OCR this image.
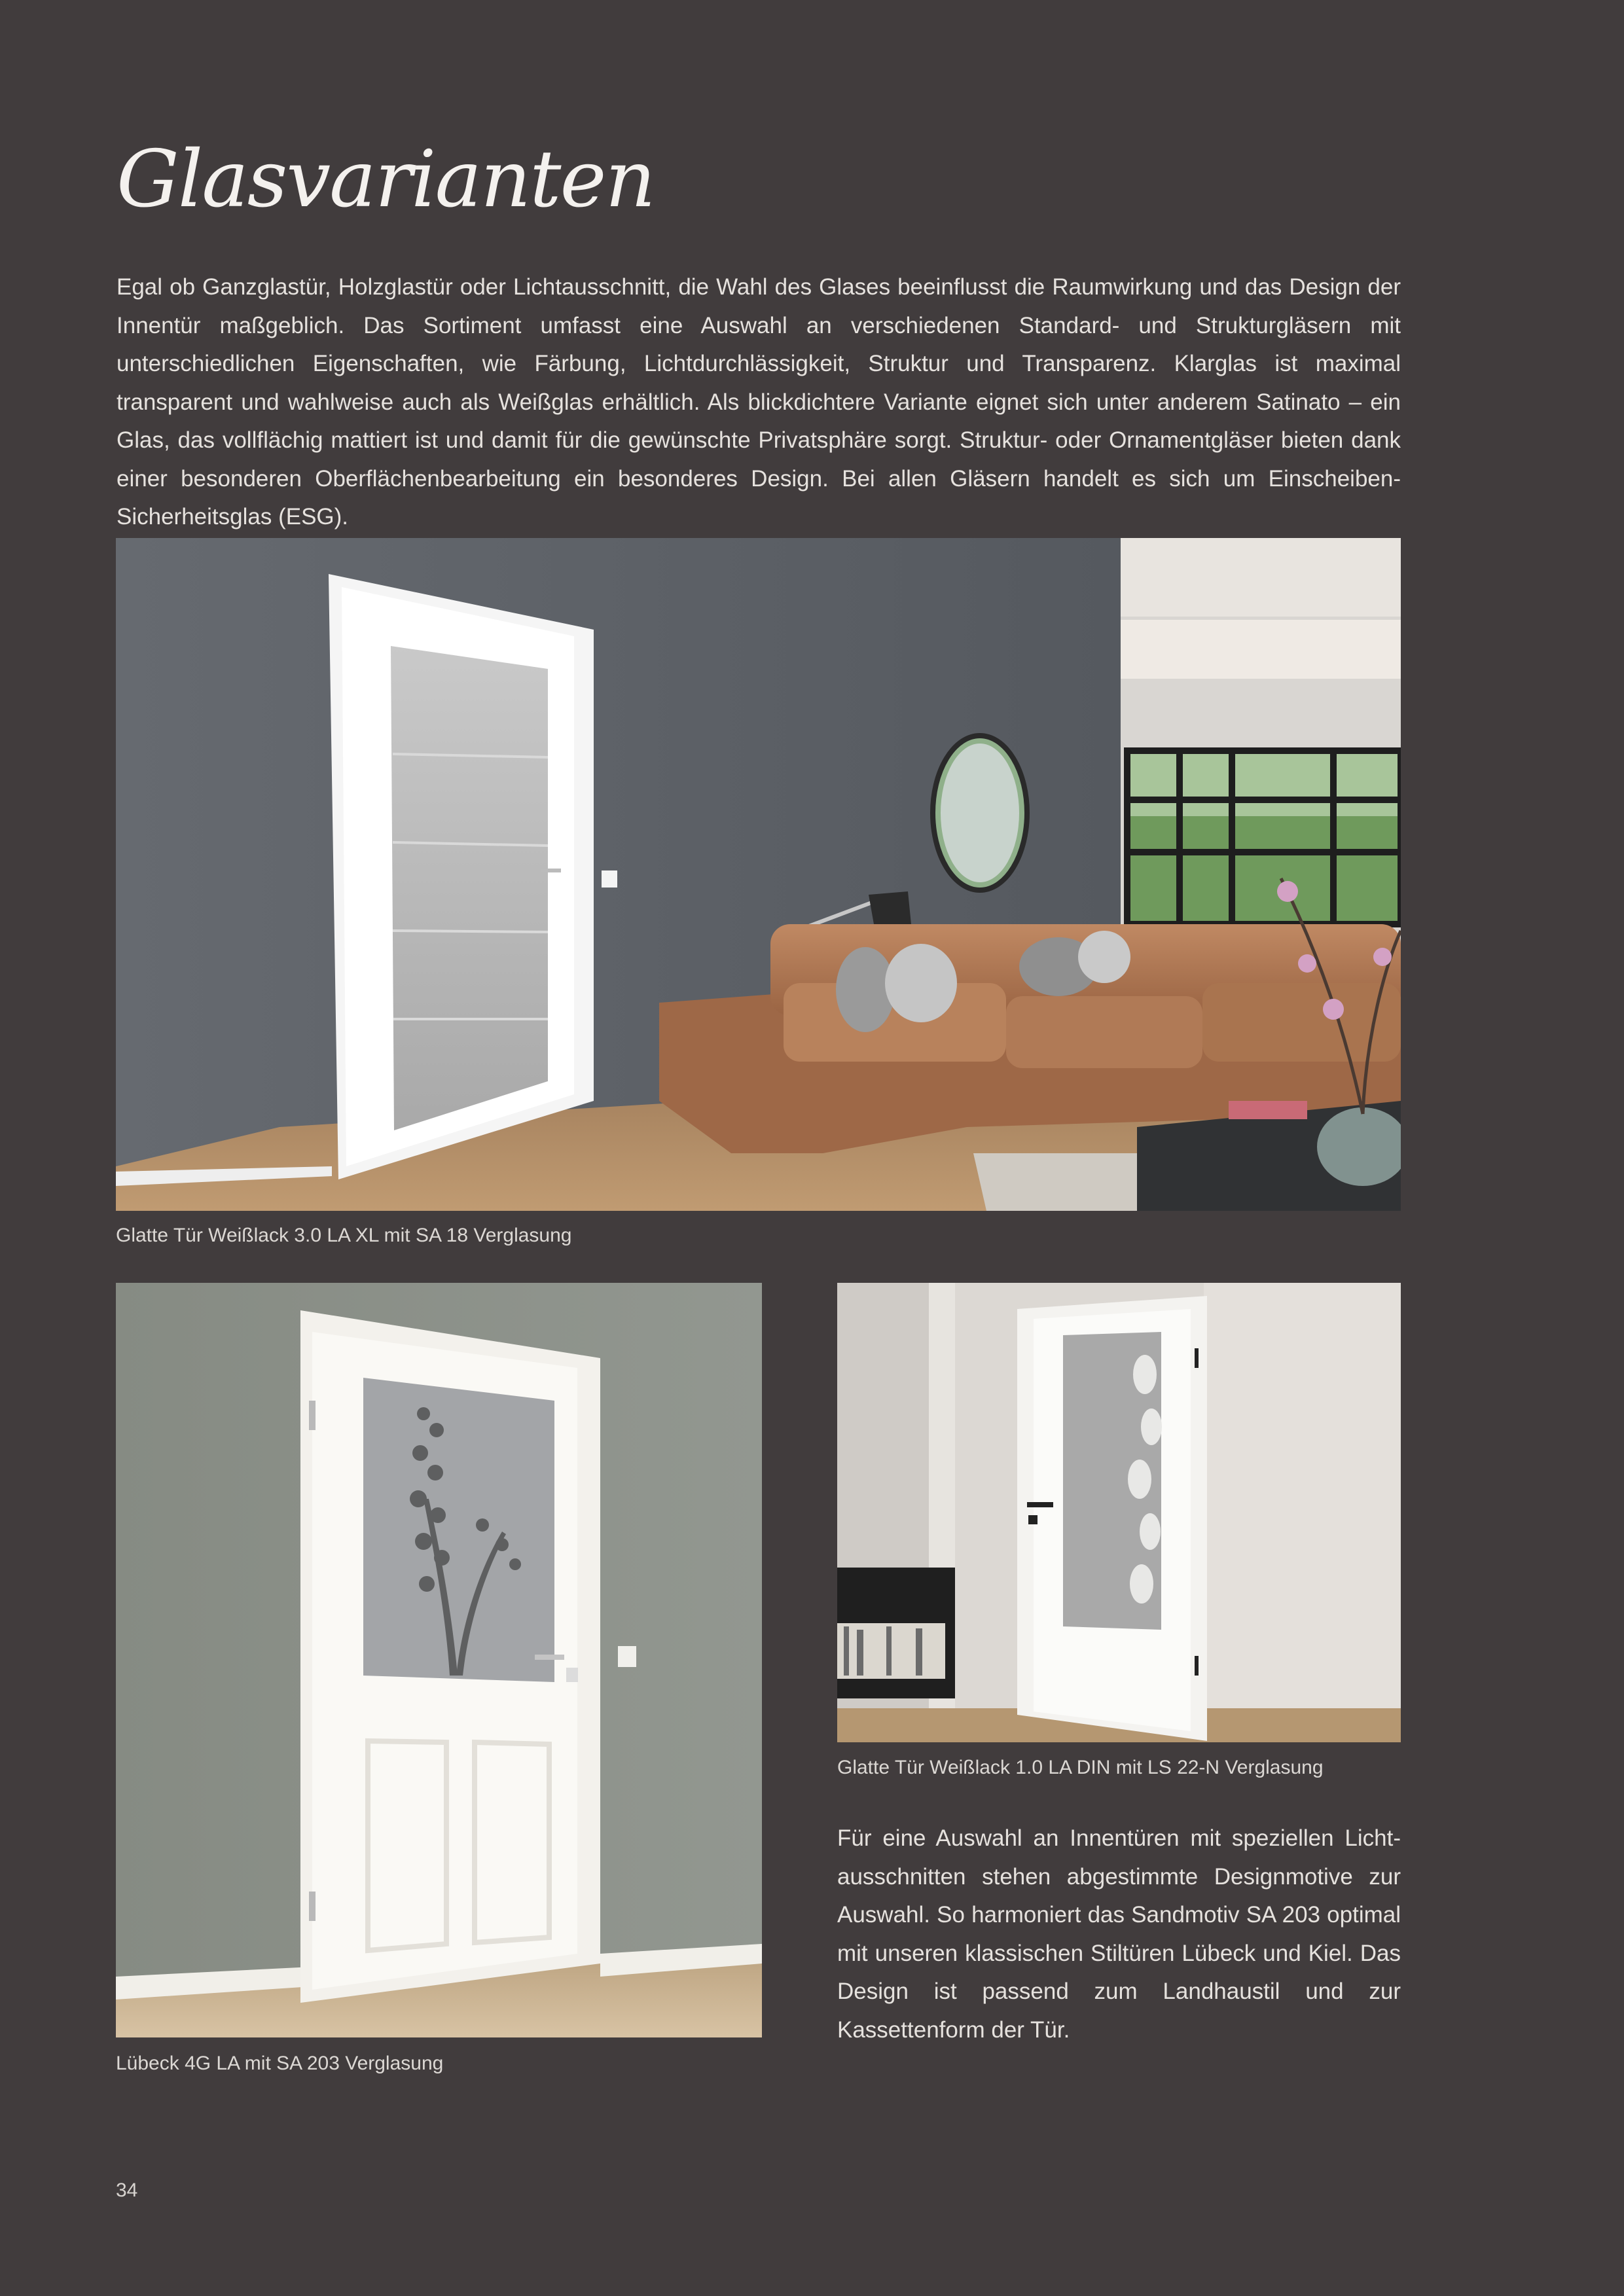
Glasvarianten

Egal ob Ganzglastür, Holzglastür oder Lichtausschnitt, die Wahl des Glases beeinflusst die Raumwirkung und das Design der Innentür maßgeblich. Das Sortiment umfasst eine Auswahl an verschiedenen Standard- und Strukturgläsern mit unterschiedlichen Eigenschaften, wie Färbung, Lichtdurchlässigkeit, Struktur und Transparenz. Klarglas ist maximal transparent und wahlweise auch als Weißglas erhältlich. Als blickdichtere Variante eignet sich unter anderem Satinato – ein Glas, das vollflächig mattiert ist und damit für die gewünschte Privatsphäre sorgt. Struktur- oder Ornamentgläser bieten dank einer besonderen Oberflächenbearbeitung ein besonderes Design. Bei allen Gläsern handelt es sich um Einscheiben-Sicherheitsglas (ESG).

Glatte Tür Weißlack 3.0 LA XL mit SA 18 Verglasung

Lübeck 4G LA mit SA 203 Verglasung

Glatte Tür Weißlack 1.0 LA DIN mit LS 22-N Verglasung

Für eine Auswahl an Innentüren mit speziellen Lichtausschnitten stehen abgestimmte Designmotive zur Auswahl. So harmoniert das Sandmotiv SA 203 optimal mit unseren klassischen Stiltüren Lübeck und Kiel. Das Design ist passend zum Landhaustil und zur Kassettenform der Tür.

34
